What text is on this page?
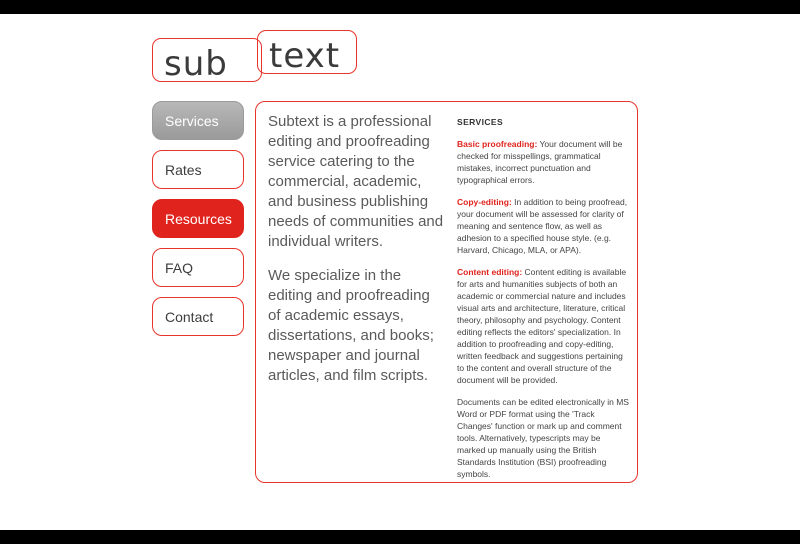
sub text
Services
Rates
Resources
FAQ
Contact

Subtext is a professional editing and proofreading service catering to the commercial, academic, and business publishing needs of communities and individual writers.

We specialize in the editing and proofreading of academic essays, dissertations, and books; newspaper and journal articles, and film scripts.

SERVICES

Basic proofreading: Your document will be checked for misspellings, grammatical mistakes, incorrect punctuation and typographical errors.

Copy-editing: In addition to being proofread, your document will be assessed for clarity of meaning and sentence flow, as well as adhesion to a specified house style. (e.g. Harvard, Chicago, MLA, or APA).

Content editing: Content editing is available for arts and humanities subjects of both an academic or commercial nature and includes visual arts and architecture, literature, critical theory, philosophy and psychology. Content editing reflects the editors' specialization. In addition to proofreading and copy-editing, written feedback and suggestions pertaining to the content and overall structure of the document will be provided.

Documents can be edited electronically in MS Word or PDF format using the 'Track Changes' function or mark up and comment tools. Alternatively, typescripts may be marked up manually using the British Standards Institution (BSI) proofreading symbols.
